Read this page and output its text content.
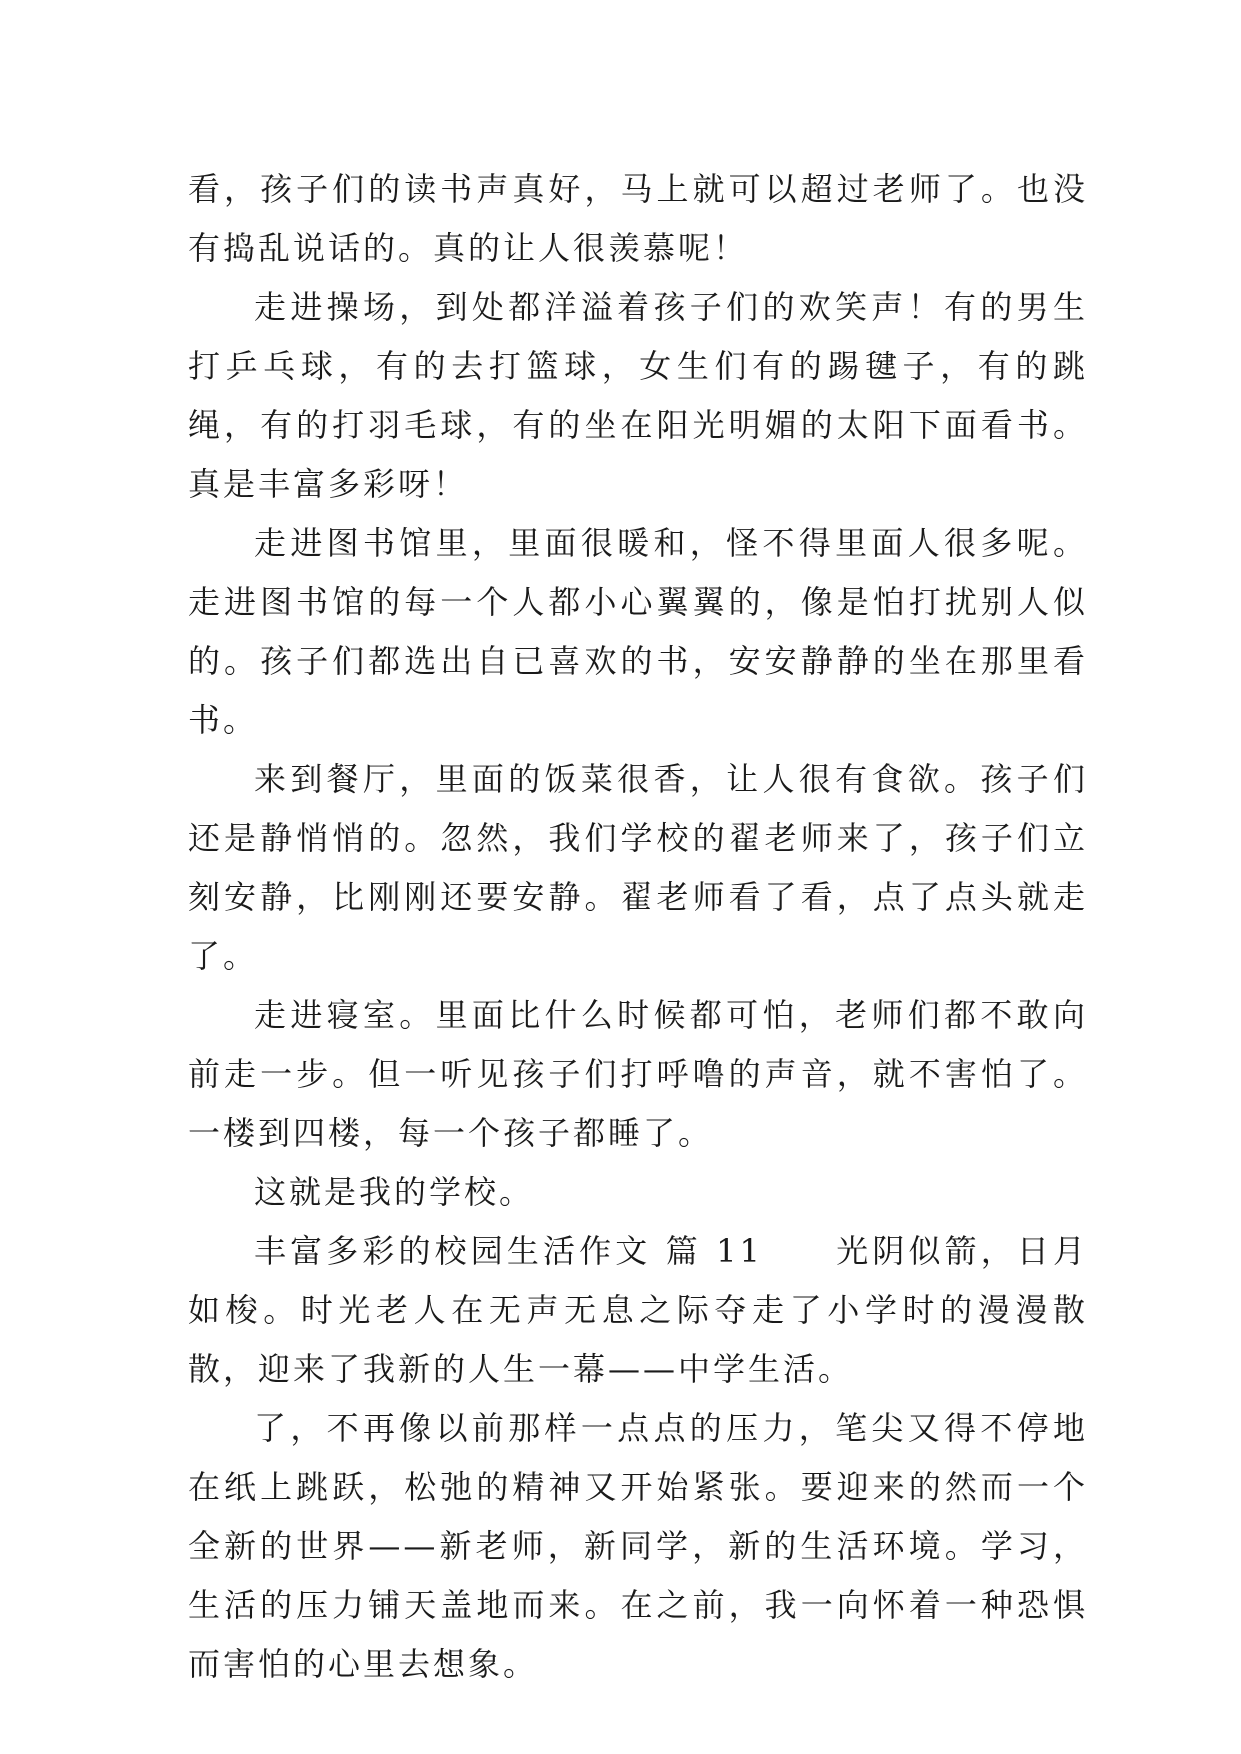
看，孩子们的读书声真好，马上就可以超过老师了。也没有捣乱说话的。真的让人很羡慕呢！

走进操场，到处都洋溢着孩子们的欢笑声！有的男生打乒乓球，有的去打篮球，女生们有的踢毽子，有的跳绳，有的打羽毛球，有的坐在阳光明媚的太阳下面看书。真是丰富多彩呀！

走进图书馆里，里面很暖和，怪不得里面人很多呢。走进图书馆的每一个人都小心翼翼的，像是怕打扰别人似的。孩子们都选出自已喜欢的书，安安静静的坐在那里看书。

来到餐厅，里面的饭菜很香，让人很有食欲。孩子们还是静悄悄的。忽然，我们学校的翟老师来了，孩子们立刻安静，比刚刚还要安静。翟老师看了看，点了点头就走了。

走进寝室。里面比什么时候都可怕，老师们都不敢向前走一步。但一听见孩子们打呼噜的声音，就不害怕了。一楼到四楼，每一个孩子都睡了。

这就是我的学校。

丰富多彩的校园生活作文 篇 11　　光阴似箭，日月如梭。时光老人在无声无息之际夺走了小学时的漫漫散散，迎来了我新的人生一幕——中学生活。

了，不再像以前那样一点点的压力，笔尖又得不停地在纸上跳跃，松弛的精神又开始紧张。要迎来的然而一个全新的世界——新老师，新同学，新的生活环境。学习，生活的压力铺天盖地而来。在之前，我一向怀着一种恐惧而害怕的心里去想象。
